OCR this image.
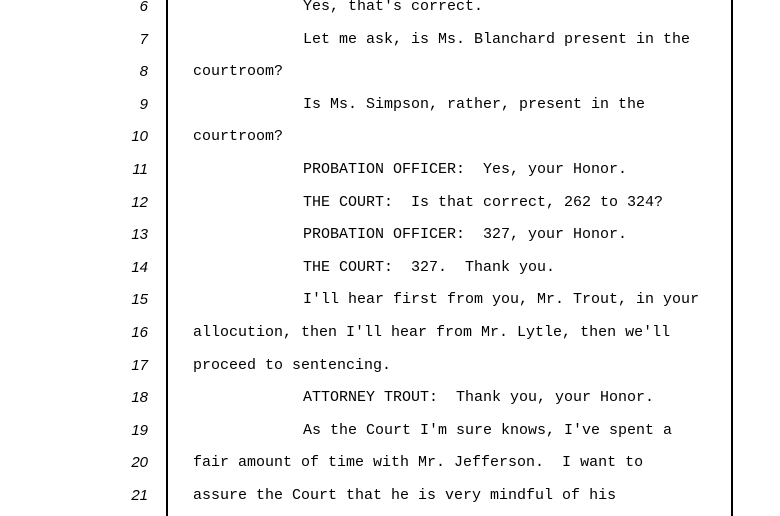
6
7
8
9
10
11
12
13
14
15
16
17
18
19
20
21
Yes, that's correct.
Let me ask, is Ms. Blanchard present in the
courtroom?
Is Ms. Simpson, rather, present in the
courtroom?
PROBATION OFFICER:  Yes, your Honor.
THE COURT:  Is that correct, 262 to 324?
PROBATION OFFICER:  327, your Honor.
THE COURT:  327.  Thank you.
I'll hear first from you, Mr. Trout, in your
allocution, then I'll hear from Mr. Lytle, then we'll
proceed to sentencing.
ATTORNEY TROUT:  Thank you, your Honor.
As the Court I'm sure knows, I've spent a
fair amount of time with Mr. Jefferson.  I want to
assure the Court that he is very mindful of his
